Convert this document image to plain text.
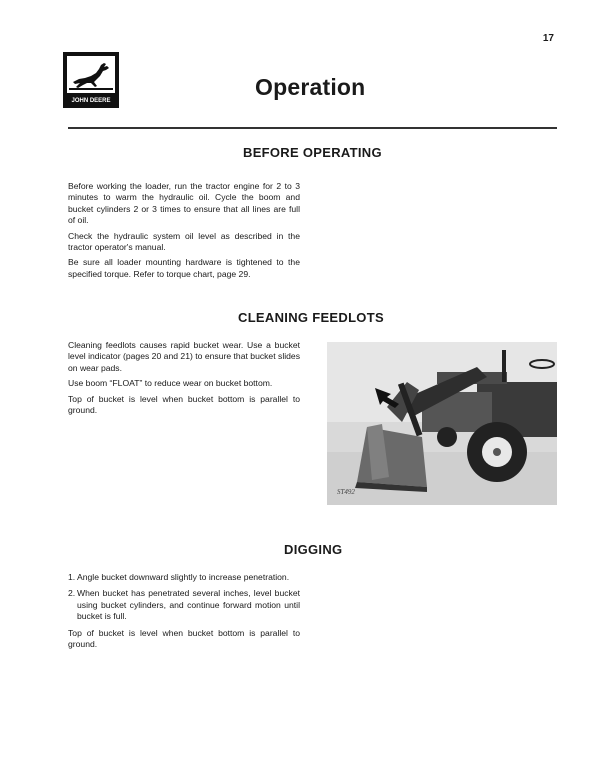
17
JOHN DEERE
Operation
BEFORE OPERATING

Before working the loader, run the tractor engine for 2 to 3 minutes to warm the hydraulic oil. Cycle the boom and bucket cylinders 2 or 3 times to ensure that all lines are full of oil.

Check the hydraulic system oil level as described in the tractor operator's manual.

Be sure all loader mounting hardware is tightened to the specified torque. Refer to torque chart, page 29.

CLEANING FEEDLOTS

Cleaning feedlots causes rapid bucket wear. Use a bucket level indicator (pages 20 and 21) to ensure that bucket slides on wear pads.

Use boom “FLOAT” to reduce wear on bucket bottom.

Top of bucket is level when bucket bottom is parallel to ground.

ST492
DIGGING
1. Angle bucket downward slightly to increase penetration.
2. When bucket has penetrated several inches, level bucket using bucket cylinders, and continue forward motion until bucket is full.

Top of bucket is level when bucket bottom is parallel to ground.
